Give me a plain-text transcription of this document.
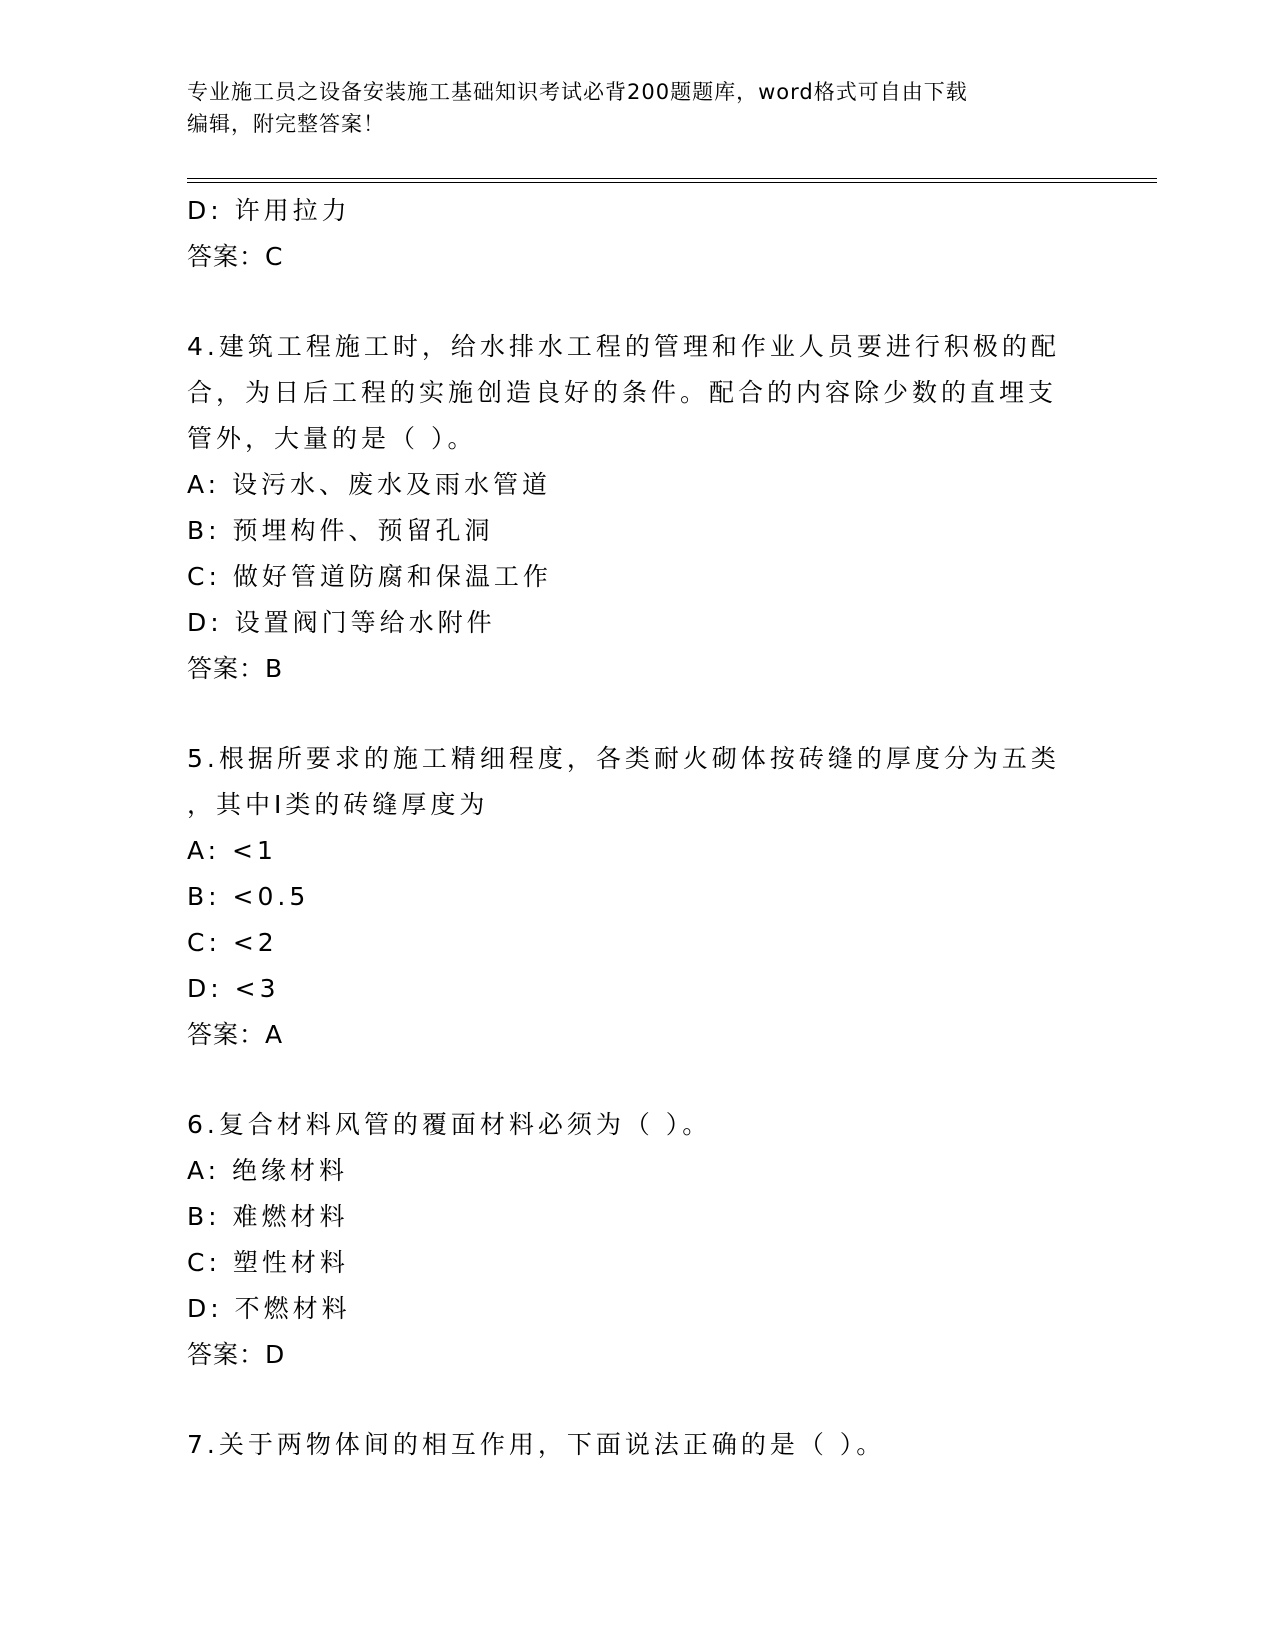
专业施工员之设备安装施工基础知识考试必背200题题库，word格式可自由下载
编辑，附完整答案！
D: 许用拉力
答案：C
4.建筑工程施工时，给水排水工程的管理和作业人员要进行积极的配
合，为日后工程的实施创造良好的条件。配合的内容除少数的直埋支
管外，大量的是（ ）。
A: 设污水、废水及雨水管道
B: 预埋构件、预留孔洞
C: 做好管道防腐和保温工作
D: 设置阀门等给水附件
答案：B
5.根据所要求的施工精细程度，各类耐火砌体按砖缝的厚度分为五类
，其中Ⅰ类的砖缝厚度为
A: <1
B: <0.5
C: <2
D: <3
答案：A
6.复合材料风管的覆面材料必须为（ ）。
A: 绝缘材料
B: 难燃材料
C: 塑性材料
D: 不燃材料
答案：D
7.关于两物体间的相互作用，下面说法正确的是（ ）。
